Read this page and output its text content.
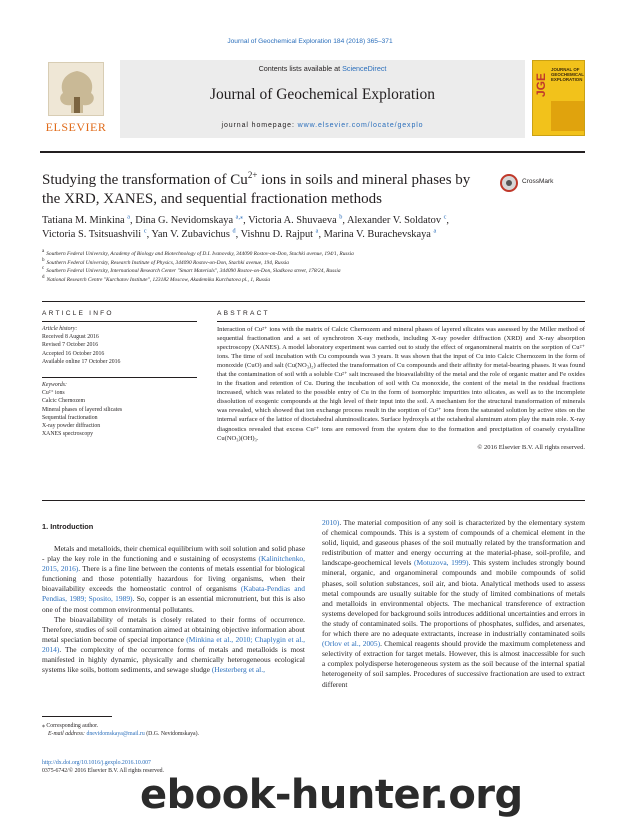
Journal of Geochemical Exploration 184 (2018) 365–371
ELSEVIER
Contents lists available at ScienceDirect
Journal of Geochemical Exploration
journal homepage: www.elsevier.com/locate/gexplo
JGE
JOURNAL OF GEOCHEMICAL EXPLORATION
Studying the transformation of $Cu^{2+}$ ions in soils and mineral phases by the XRD, XANES, and sequential fractionation methods
CrossMark
Tatiana M. Minkina $^a$, Dina G. Nevidomskaya $^{a,⁎}$, Victoria A. Shuvaeva $^b$, Alexander V. Soldatov $^c$,
Victoria S. Tsitsuashvili $^c$, Yan V. Zubavichus $^d$, Vishnu D. Rajput $^a$, Marina V. Burachevskaya $^a$
a Southern Federal University, Academy of Biology and Biotechnology of D.I. Ivanovsky, 344090 Rostov-on-Don, Stachki avenue, 194/1, Russia
b Southern Federal University, Research Institute of Physics, 344090 Rostov-on-Don, Stachki avenue, 194, Russia
c Southern Federal University, International Research Center "Smart Materials", 344090 Rostov-on-Don, Sladkova street, 178/24, Russia
d National Research Centre "Kurchatov Institute", 123182 Moscow, Akademika Kurchatova pl., 1, Russia
ARTICLE INFO	ABSTRACT
Article history:
Received 8 August 2016
Revised 7 October 2016
Accepted 16 October 2016
Available online 17 October 2016
Keywords:
Cu²⁺ ions
Calcic Chernozem
Mineral phases of layered silicates
Sequential fractionation
X-ray powder diffraction
XANES spectroscopy
Interaction of Cu²⁺ ions with the matrix of Calcic Chernozem and mineral phases of layered silicates was assessed by the Miller method of sequential fractionation and a set of synchrotron X-ray methods, including X-ray powder diffraction (XRD) and X-ray absorption spectroscopy (XANES). A model laboratory experiment was carried out to study the effect of organomineral matrix on the sorption of Cu²⁺ ions. The time of soil incubation with Cu compounds was 3 years. It was shown that the input of Cu into Calcic Chernozem in the form of monoxide (CuO) and salt (Cu(NO₃)₂) affected the transformation of Cu compounds and their affinity for metal-bearing phases. It was found that the contamination of soil with a soluble Cu²⁺ salt increased the bioavailability of the metal and the role of organic matter and Fe oxides in the fixation and retention of Cu. During the incubation of soil with Cu monoxide, the content of the metal in the residual fractions increased, which was related to the possible entry of Cu in the form of isomorphic impurities into silicates, as well as to the incomplete dissolution of exogenic compounds at the high level of their input into the soil. A mechanism for the structural transformation of minerals was revealed, which showed that ion exchange process result in the sorption of Cu²⁺ ions from the saturated solution by active sites on the internal surface of the lattice of dioctahedral aluminosilicates. Surface hydroxyls at the octahedral aluminum atom play the main role. X-ray diagnostics revealed that excess Cu²⁺ ions are removed from the system due to the formation and precipitation of coarsely crystalline Cu(NO₃)(OH)₃.
© 2016 Elsevier B.V. All rights reserved.
1. Introduction

Metals and metalloids, their chemical equilibrium with soil solution and solid phase - play the key role in the functioning and e sustaining of ecosystems (Kalinitchenko, 2015, 2016). There is a fine line between the contents of metals essential for biological functioning and those potentially hazardous for living organisms, when their bioavailability exceeds the homeostatic control of organisms (Kabata-Pendias and Pendias, 1989; Sposito, 1989). So, copper is an essential micronutrient, but this is also one of the most common environmental pollutants.

The bioavailability of metals is closely related to their forms of occurrence. Therefore, studies of soil contamination aimed at obtaining objective information about metal speciation become of special importance (Minkina et al., 2010; Chaplygin et al., 2014). The complexity of the occurrence forms of metals and metalloids is most manifested in highly dynamic, physically and chemically heterogeneous ecological systems like soils, bottom sediments, and sewage sludge (Hesterberg et al.,

2010). The material composition of any soil is characterized by the elementary system of chemical compounds. This is a system of compounds of a chemical element in the solid, liquid, and gaseous phases of the soil mutually related by the transformation and redistribution of matter and energy occurring at the material-phase, soil-profile, and landscape-geochemical levels (Motuzova, 1999). This system includes strongly bound mineral, organic, and organomineral compounds and mobile compounds of solid phases, soil solution substances, soil air, and biota. Analytical methods used to assess metal compounds are usually suitable for the study of limited combinations of metals and metalloids in environmental objects. The mechanical transference of extraction systems developed for background soils introduces additional uncertainties and errors in the study of contaminated soils. The proportions of phosphates, sulfides, and arsenates, for which there are no adequate extractants, increase in industrially contaminated soils (Orlov et al., 2005). Chemical reagents should provide the maximum completeness and selectivity of extraction for target metals. However, this is almost inaccessible for such a complex polydisperse heterogeneous system as the soil because of the internal spatial heterogeneity of soil samples. Procedures of successive fractionation are used to extract different
⁎ Corresponding author.
E-mail address: dnevidomskaya@mail.ru (D.G. Nevidomskaya).
http://dx.doi.org/10.1016/j.gexplo.2016.10.007
0375-6742/© 2016 Elsevier B.V. All rights reserved.
ebook-hunter.org
